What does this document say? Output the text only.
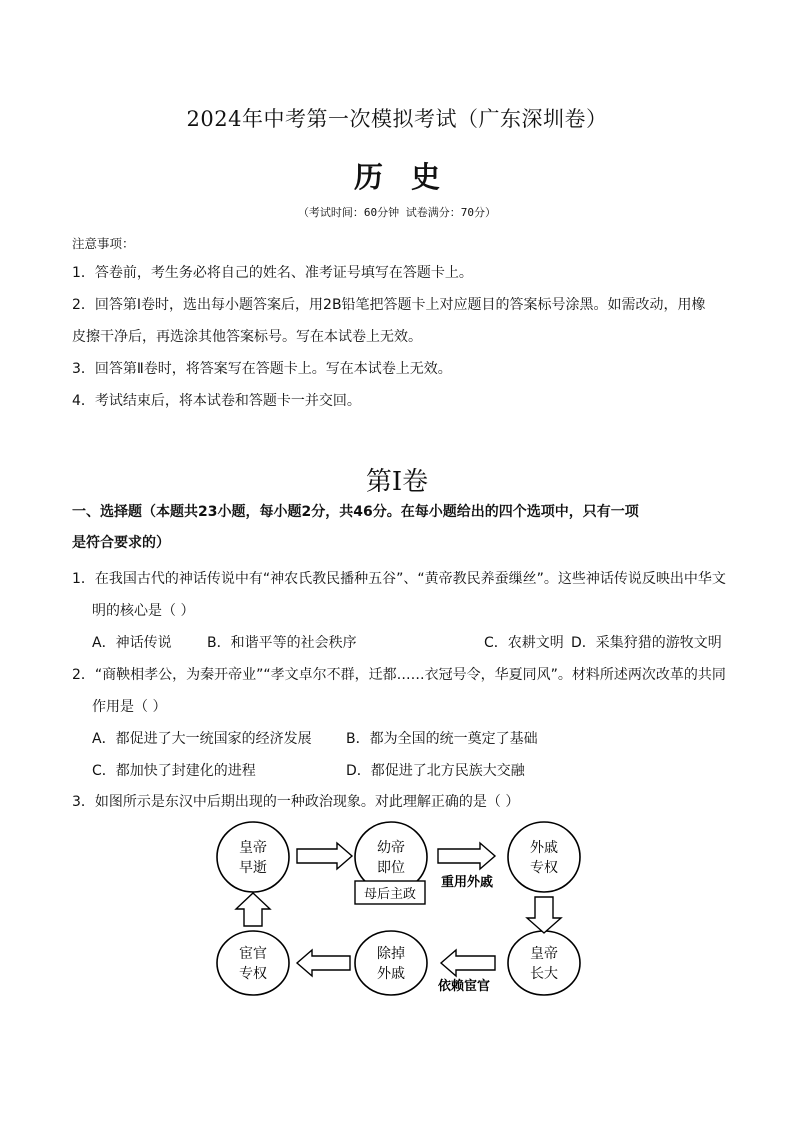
2024年中考第一次模拟考试（广东深圳卷）
历 史
（考试时间：60分钟 试卷满分：70分）
注意事项：
1．答卷前，考生务必将自己的姓名、准考证号填写在答题卡上。
2．回答第Ⅰ卷时，选出每小题答案后，用2B铅笔把答题卡上对应题目的答案标号涂黑。如需改动，用橡
皮擦干净后，再选涂其他答案标号。写在本试卷上无效。
3．回答第Ⅱ卷时，将答案写在答题卡上。写在本试卷上无效。
4．考试结束后，将本试卷和答题卡一并交回。
第Ⅰ卷
一、选择题（本题共23小题，每小题2分，共46分。在每小题给出的四个选项中，只有一项
是符合要求的）
1．在我国古代的神话传说中有“神农氏教民播种五谷”、“黄帝教民养蚕缫丝”。这些神话传说反映出中华文
明的核心是（ ）
A．神话传说	B．和谐平等的社会秩序	C．农耕文明 D．采集狩猎的游牧文明
2．“商鞅相孝公，为秦开帝业”“孝文卓尔不群，迁都……衣冠号令，华夏同风”。材料所述两次改革的共同
作用是（ ）
A．都促进了大一统国家的经济发展 B．都为全国的统一奠定了基础
C．都加快了封建化的进程	D．都促进了北方民族大交融
3．如图所示是东汉中后期出现的一种政治现象。对此理解正确的是（ ）
皇帝
早逝
幼帝
即位
外戚
专权
皇帝
长大
除掉
外戚
宦官
专权
母后主政
重用外戚
依赖宦官
